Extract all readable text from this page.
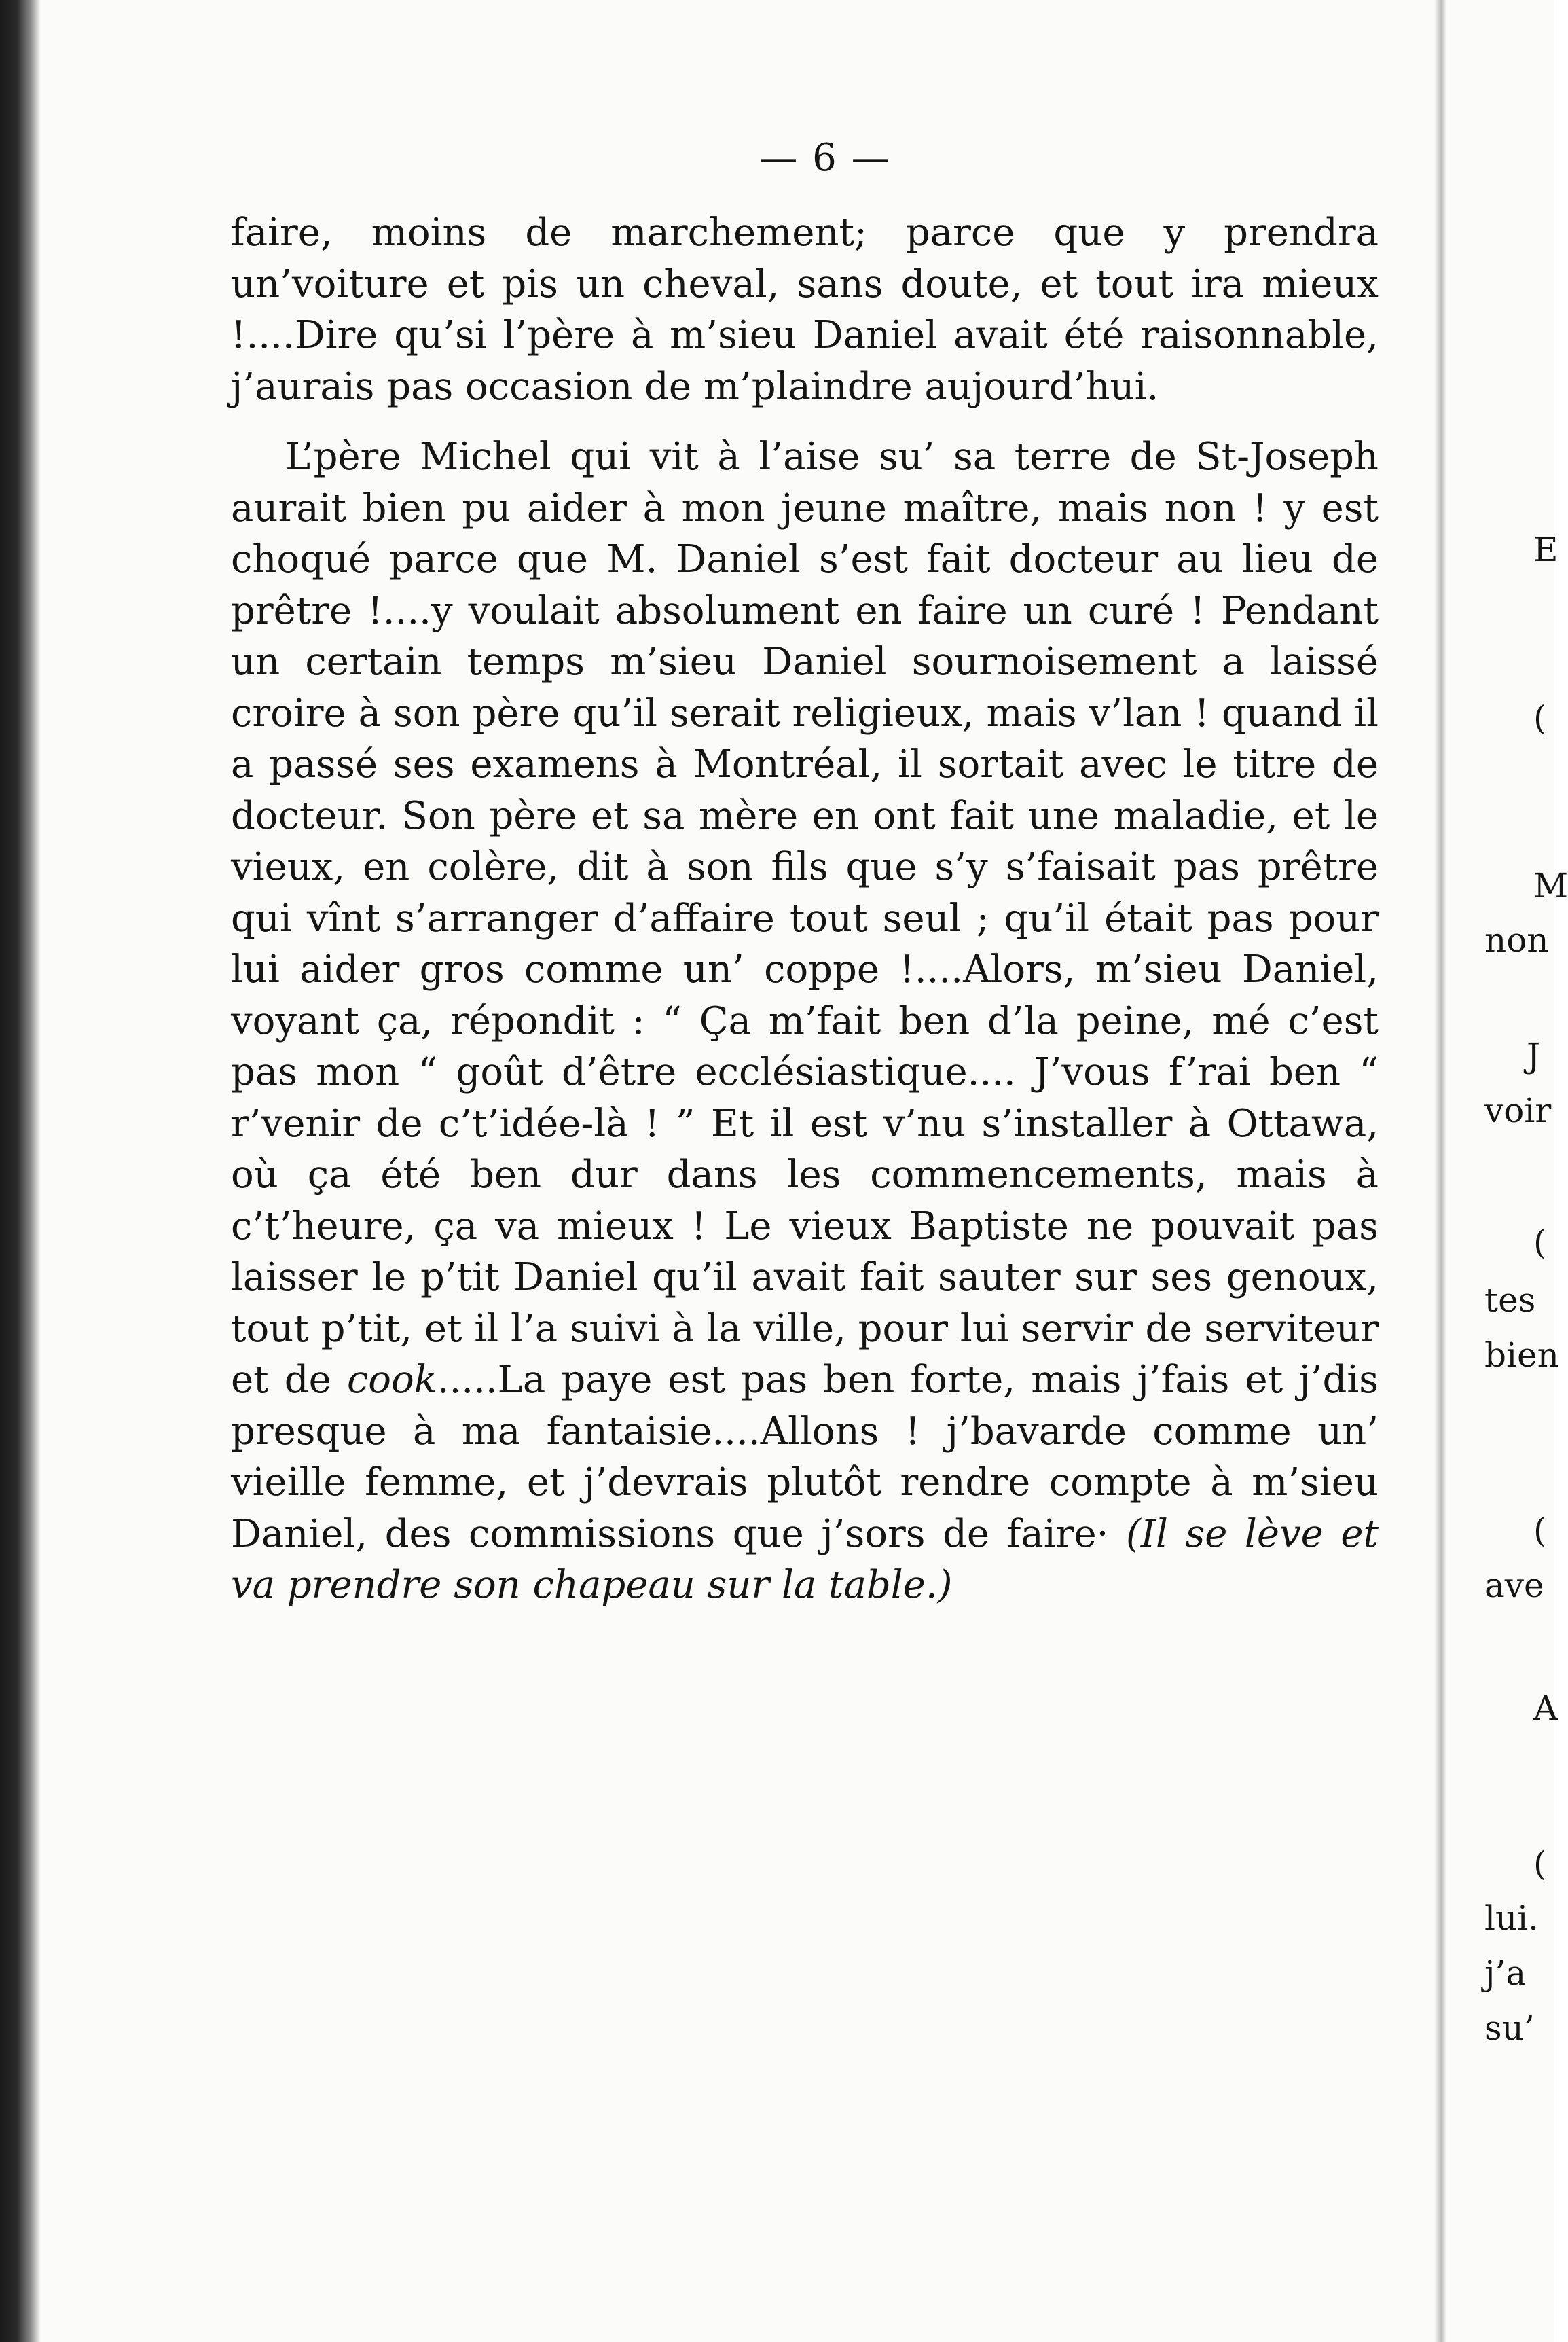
— 6 —

faire, moins de marchement; parce que y prendra un’voiture et pis un cheval, sans doute, et tout ira mieux !....Dire qu’si l’père à m’sieu Daniel avait été raisonnable, j’aurais pas occasion de m’plaindre aujourd’hui.

L’père Michel qui vit à l’aise su’ sa terre de St-Joseph aurait bien pu aider à mon jeune maître, mais non ! y est choqué parce que M. Daniel s’est fait docteur au lieu de prêtre !....y voulait absolument en faire un curé ! Pendant un certain temps m’sieu Daniel sournoisement a laissé croire à son père qu’il serait religieux, mais v’lan ! quand il a passé ses examens à Montréal, il sortait avec le titre de docteur. Son père et sa mère en ont fait une maladie, et le vieux, en colère, dit à son fils que s’y s’faisait pas prêtre qui vînt s’arranger d’affaire tout seul ; qu’il était pas pour lui aider gros comme un’ coppe !....Alors, m’sieu Daniel, voyant ça, répondit : “ Ça m’fait ben d’la peine, mé c’est pas mon “ goût d’être ecclésiastique.... J’vous f’rai ben “ r’venir de c’t’idée-là ! ” Et il est v’nu s’installer à Ottawa, où ça été ben dur dans les commencements, mais à c’t’heure, ça va mieux ! Le vieux Baptiste ne pouvait pas laisser le p’tit Daniel qu’il avait fait sauter sur ses genoux, tout p’tit, et il l’a suivi à la ville, pour lui servir de serviteur et de cook.....La paye est pas ben forte, mais j’fais et j’dis presque à ma fantaisie....Allons ! j’bavarde comme un’ vieille femme, et j’devrais plutôt rendre compte à m’sieu Daniel, des commissions que j’sors de faire· (Il se lève et va prendre son chapeau sur la table.)

E
(
M
non
J
voir
(
tes
bien
(
ave
A
(
lui.
j’a
su’
